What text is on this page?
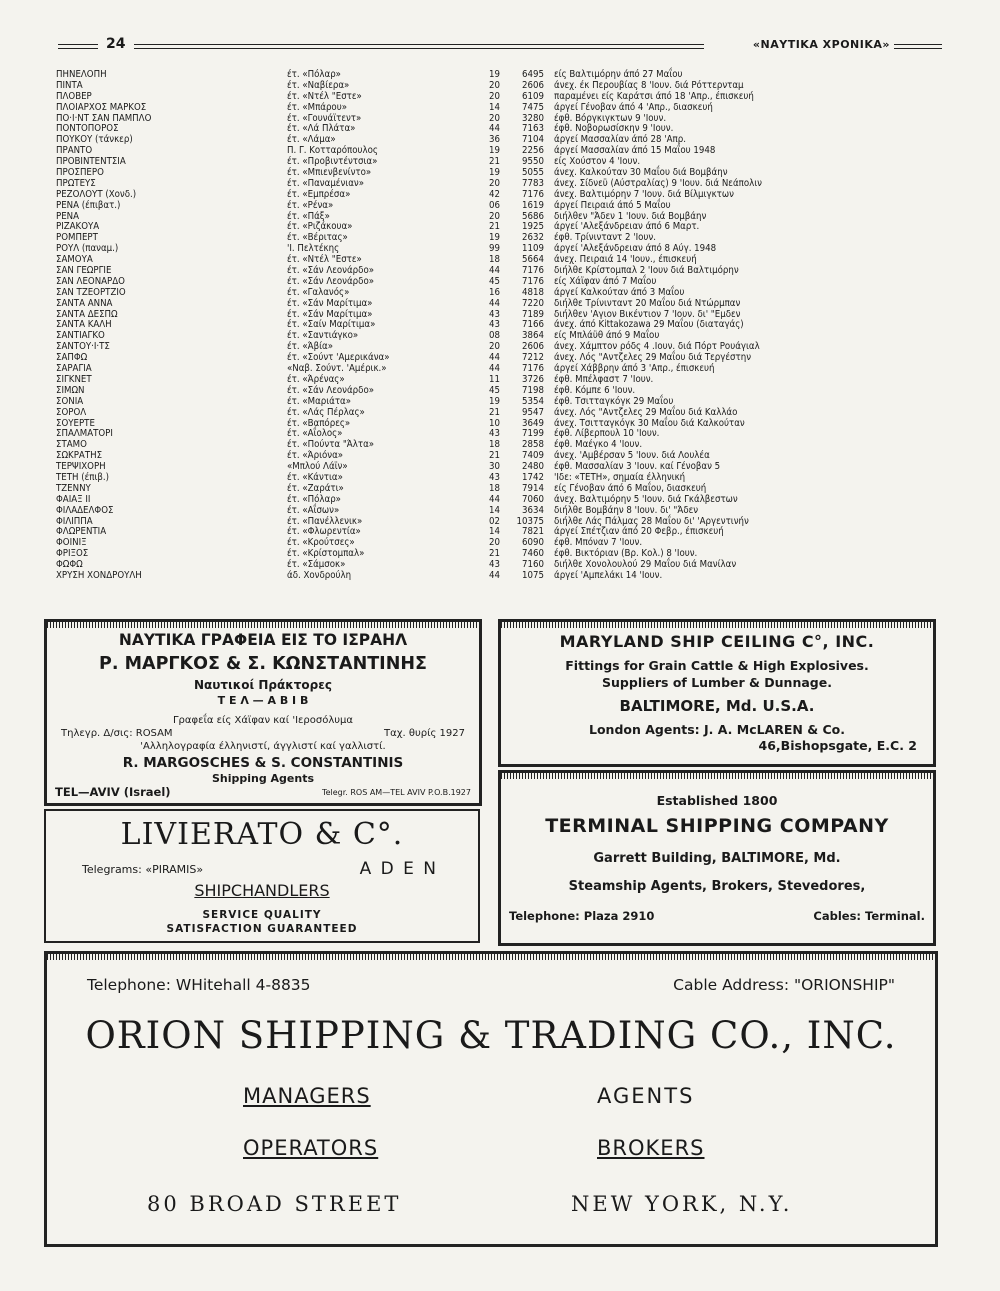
24	«ΝΑΥΤΙΚΑ ΧΡΟΝΙΚΑ»
ΠΗΝΕΛΟΠΗ	έτ. «Πόλαρ»	19	6495 είς Βαλτιμόρην άπό 27 Μαΐου
ΠΙΝΤΑ	έτ. «Ναβίερα»	20	2606 άνεχ. έκ Περουβίας 8 'Ιουν. διά Ρόττερνταμ
ΠΛΟΒΕΡ	έτ. «Ντέλ "Εστε»	20	6109 παραμένει είς Καράτσι άπό 18 'Απρ., έπισκευή
ΠΛΟΙΑΡΧΟΣ ΜΑΡΚΟΣ	έτ. «Μπάρου»	14	7475 άργεί Γένοβαν άπό 4 'Απρ., διασκευή
ΠΟ·Ι·ΝΤ ΣΑΝ ΠΑΜΠΛΟ	έτ. «Γουνάϊτεντ»	20	3280 έφθ. Βόργκιγκτων 9 'Ιουν.
ΠΟΝΤΟΠΟΡΟΣ	έτ. «Λά Πλάτα»	44	7163 έφθ. Νοβορωσίσκην 9 'Ιουν.
ΠΟΥΚΟΥ (τάνκερ)	έτ. «Λάμα»	36	7104 άργεί Μασσαλίαν άπό 28 'Απρ.
ΠΡΑΝΤΟ	Π. Γ. Κοτταρόπουλος	19	2256 άργεί Μασσαλίαν άπό 15 Μαΐου 1948
ΠΡΟΒΙΝΤΕΝΤΣΙΑ	έτ. «Προβιντέντσια»	21	9550 είς Χούστον 4 'Ιουν.
ΠΡΟΣΠΕΡΟ	έτ. «Μπιενβενίντο»	19	5055 άνεχ. Καλκούταν 30 Μαΐου διά Βομβάην
ΠΡΩΤΕΥΣ	έτ. «Παναμένιαν»	20	7783 άνεχ. Σίδνεϋ (Αύστραλίας) 9 'Ιουν. διά Νεάπολιν
ΡΕΖΟΛΟΥΤ (Χονδ.)	έτ. «Εμπρέσα»	42	7176 άνεχ. Βαλτιμόρην 7 'Ιουν. διά Βίλμιγκτων
ΡΕΝΑ (έπιβατ.)	έτ. «Ρένα»	06	1619 άργεί Πειραιά άπό 5 Μαΐου
ΡΕΝΑ	έτ. «Πάξ»	20	5686 διήλθεν "Άδεν 1 'Ιουν. διά Βομβάην
ΡΙΖΑΚΟΥΑ	έτ. «Ριζάκουα»	21	1925 άργεί 'Αλεξάνδρειαν άπό 6 Μαρτ.
ΡΟΜΠΕΡΤ	έτ. «Βέριτας»	19	2632 έφθ. Τρίνινταντ 2 'Ιουν.
ΡΟΥΛ (παναμ.)	'Ι. Πελτέκης	99	1109 άργεί 'Αλεξάνδρειαν άπό 8 Αύγ. 1948
ΣΑΜΟΥΑ	έτ. «Ντέλ "Εστε»	18	5664 άνεχ. Πειραιά 14 'Ιουν., έπισκευή
ΣΑΝ ΓΕΩΡΓΙΕ	έτ. «Σάν Λεονάρδο»	44	7176 διήλθε Κρίστομπαλ 2 'Ιουν διά Βαλτιμόρην
ΣΑΝ ΛΕΟΝΑΡΔΟ	έτ. «Σάν Λεονάρδο»	45	7176 είς Χάϊφαν άπό 7 Μαΐου
ΣΑΝ ΤΖΕΟΡΤΖΙΟ	έτ. «Γαλανός»	16	4818 άργεί Καλκούταν άπό 3 Μαΐου
ΣΑΝΤΑ ΑΝΝΑ	έτ. «Σάν Μαρίτιμα»	44	7220 διήλθε Τρίνινταντ 20 Μαΐου διά Ντώρμπαν
ΣΑΝΤΑ ΔΕΣΠΩ	έτ. «Σάν Μαρίτιμα»	43	7189 διήλθεν 'Αγιον Βικέντιον 7 'Ιουν. δι' "Εμδεν
ΣΑΝΤΑ ΚΑΛΗ	έτ. «Σαίν Μαρίτιμα»	43	7166 άνεχ. άπό Kittakozawa 29 Μαΐου (διαταγάς)
ΣΑΝΤΙΑΓΚΟ	έτ. «Σαντιάγκο»	08	3864 είς Μπλάϋθ άπό 9 Μαΐου
ΣΑΝΤΟΥ·Ι·ΤΣ	έτ. «Άβία»	20	2606 άνεχ. Χάμπτον ρόδς 4 .Ιουν. διά Πόρτ Ρουάγιαλ
ΣΑΠΦΩ	έτ. «Σούντ 'Αμερικάνα»	44	7212 άνεχ. Λός "Αντζελες 29 Μαΐου διά Τεργέστην
ΣΑΡΑΓΙΑ	«Ναβ. Σούντ. 'Αμέρικ.»	44	7176 άργεί Χάββρην άπό 3 'Απρ., έπισκευή
ΣΙΓΚΝΕΤ	έτ. «Άρένας»	11	3726 έφθ. Μπέλφαστ 7 'Ιουν.
ΣΙΜΩΝ	έτ. «Σάν Λεονάρδο»	45	7198 έφθ. Κόμπε 6 'Ιουν.
ΣΟΝΙΑ	έτ. «Μαριάτα»	19	5354 έφθ. Τσιτταγκόγκ 29 Μαΐου
ΣΟΡΟΛ	έτ. «Λάς Πέρλας»	21	9547 άνεχ. Λός "Αντζελες 29 Μαΐου διά Καλλάο
ΣΟΥΕΡΤΕ	έτ. «Βαπόρες»	10	3649 άνεχ. Τσιτταγκόγκ 30 Μαΐου διά Καλκούταν
ΣΠΑΛΜΑΤΟΡΙ	έτ. «Αΐολος»	43	7199 έφθ. Λίβερπουλ 10 'Ιουν.
ΣΤΑΜΟ	έτ. «Πούντα "Άλτα»	18	2858 έφθ. Μαέγκο 4 'Ιουν.
ΣΩΚΡΑΤΗΣ	έτ. «Άριόνα»	21	7409 άνεχ. 'Αμβέρσαν 5 'Ιουν. διά Λουλέα
ΤΕΡΨΙΧΟΡΗ	«Μπλού Λάϊν»	30	2480 έφθ. Μασσαλίαν 3 'Ιουν. καί Γένοβαν 5
ΤΕΤΗ (έπιβ.)	έτ. «Κάντια»	43	1742 'Ιδε: «ΤΕΤΗ», σημαία έλληνική
ΤΖΕΝΝΥ	έτ. «Ζαράτι»	18	7914 είς Γένοβαν άπό 6 Μαΐου, διασκευή
ΦΑΙΑΞ ΙΙ	έτ. «Πόλαρ»	44	7060 άνεχ. Βαλτιμόρην 5 'Ιουν. διά Γκάλβεστων
ΦΙΛΑΔΕΛΦΟΣ	έτ. «Αΐσων»	14	3634 διήλθε Βομβάην 8 'Ιουν. δι' "Άδεν
ΦΙΛΙΠΠΑ	έτ. «Πανέλλενικ»	02	10375 διήλθε Λάς Πάλμας 28 Μαΐου δι' 'Αργεντινήν
ΦΛΩΡΕΝΤΙΑ	έτ. «Φλωρεντία»	14	7821 άργεί Σπέτζιαν άπό 20 Φεβρ., έπισκευή
ΦΟΙΝΙΞ	έτ. «Κρούτσες»	20	6090 έφθ. Μπόναν 7 'Ιουν.
ΦΡΙΞΟΣ	έτ. «Κρίστομπαλ»	21	7460 έφθ. Βικτόριαν (Βρ. Κολ.) 8 'Ιουν.
ΦΩΦΩ	έτ. «Σάμσοκ»	43	7160 διήλθε Χονολουλού 29 Μαΐου διά Μανίλαν
ΧΡΥΣΗ ΧΟΝΔΡΟΥΛΗ	άδ. Χονδρούλη	44	1075 άργεί 'Αμπελάκι 14 'Ιουν.
ΝΑΥΤΙΚΑ ΓΡΑΦΕΙΑ ΕΙΣ ΤΟ ΙΣΡΑΗΛ
Ρ. ΜΑΡΓΚΟΣ & Σ. ΚΩΝΣΤΑΝΤΙΝΗΣ
Ναυτικοί Πράκτορες
Τ Ε Λ — Α Β Ι Β
Γραφεΐα είς Χάϊφαν καί 'Ιεροσόλυμα
Τηλεγρ. Δ/σις: ROSAM	Ταχ. θυρίς 1927
'Αλληλογραφία έλληνιστί, άγγλιστί καί γαλλιστί.
R. MARGOSCHES & S. CONSTANTINIS
Shipping Agents
TEL—AVIV (Israel)	Telegr. ROS AM—TEL AVIV P.O.B.1927
MARYLAND SHIP CEILING C°, INC.
Fittings for Grain Cattle & High Explosives.
Suppliers of Lumber & Dunnage.
BALTIMORE, Md. U.S.A.
London Agents: J. A. McLAREN & Co.
46,Bishopsgate, E.C. 2
LIVIERATO & C°.
Telegrams: «PIRAMIS»	A D E N
SHIPCHANDLERS
SERVICE QUALITY
SATISFACTION GUARANTEED
Established 1800
TERMINAL SHIPPING COMPANY
Garrett Building, BALTIMORE, Md.
Steamship Agents, Brokers, Stevedores,
Telephone: Plaza 2910	Cables: Terminal.
Telephone: WHitehall 4-8835	Cable Address: "ORIONSHIP"
ORION SHIPPING & TRADING CO., INC.
MANAGERS	AGENTS
OPERATORS	BROKERS
80 BROAD STREET	NEW YORK, N.Y.
